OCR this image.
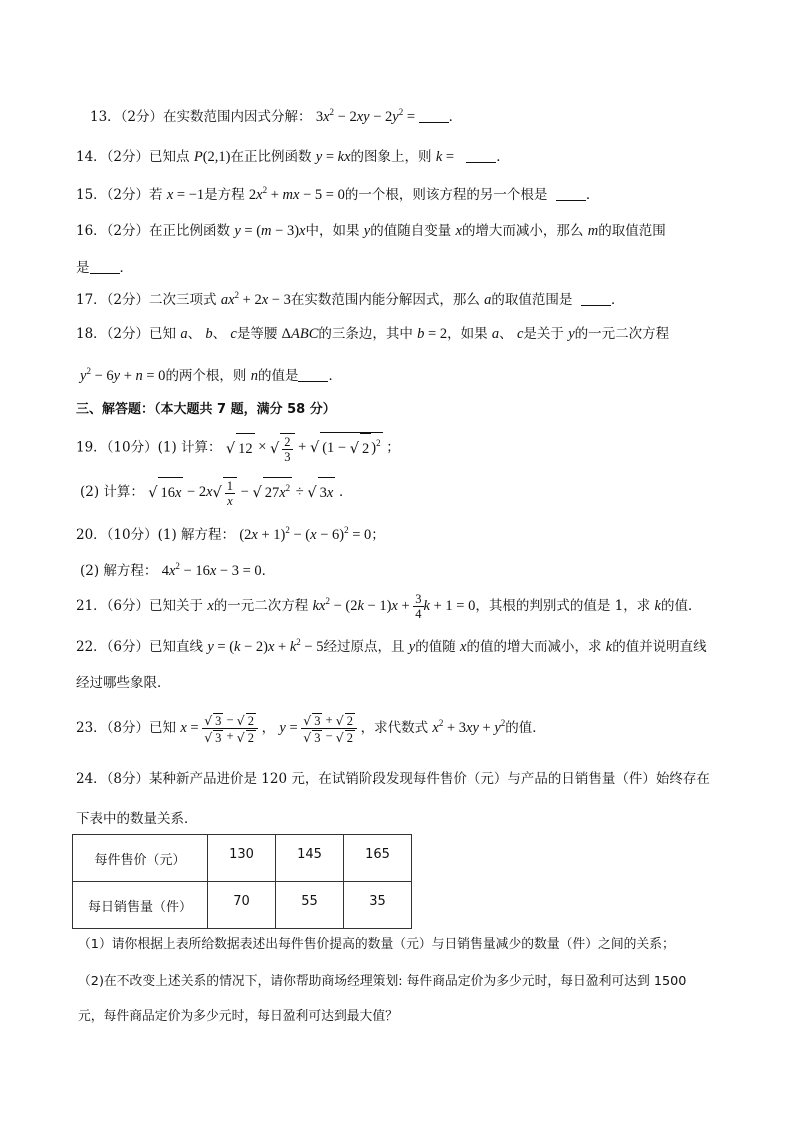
13．（2分）在实数范围内因式分解： $3x^2 - 2xy - 2y^2$ = ．
14．（2分）已知点 P(2,1)在正比例函数 y = kx的图象上，则 k =	．
15．（2分）若 x = −1是方程 $2x^2$ + mx − 5 = 0的一个根，则该方程的另一个根是	．
16．（2分）在正比例函数 y = (m − 3)x中，如果 y的值随自变量 x的增大而减小，那么 m的取值范围
是 ．
17．（2分）二次三项式 $ax^2 + 2x - 3$在实数范围内能分解因式，那么 a的取值范围是	．
18．（2分）已知 a、 b、 c是等腰 ΔABC的三条边，其中 b = 2，如果 a、 c是关于 y的一元二次方程
$y^2 - 6y + n = 0$的两个根，则 n的值是 ．
三、解答题：（本大题共 7 题，满分 58 分）
19．（10分）(1) 计算： √ 12 × √ $\frac{2}{3}$ + √ (1 − √ 2 )$^2$ ；
(2) 计算： √ $16x - 2x√ \frac{1}{x}$ − √ $27x^2$ ÷ √ 3x ．
20．（10分）(1) 解方程： $(2x + 1)^2 - (x - 6)^2 = 0$；
(2) 解方程： $4x^2 - 16x - 3 = 0$．
21．（6分）已知关于 x的一元二次方程 $kx^2 - (2k - 1)x + \frac{3}{4}$ k + 1 = 0，其根的判别式的值是 1，求 k的值．
22．（6分）已知直线 $y = (k - 2)x + k^2 - 5$经过原点，且 y的值随 x的值的增大而减小，求 k的值并说明直线
经过哪些象限．
23．（8分）已知 $x = \frac{√ 3 - √ 2}{√ 3 + √ 2}$ ， $y = \frac{√ 3 + √ 2}{√ 3 - √ 2}$ ，求代数式 $x^2 + 3xy + y^2$的值．
24．（8分）某种新产品进价是 120 元，在试销阶段发现每件售价（元）与产品的日销售量（件）始终存在
下表中的数量关系．
每件售价（元）	130	145	165
每日销售量（件）	70	55	35
（1）请你根据上表所给数据表述出每件售价提高的数量（元）与日销售量减少的数量（件）之间的关系；
（2)在不改变上述关系的情况下，请你帮助商场经理策划: 每件商品定价为多少元时，每日盈利可达到 1500
元，每件商品定价为多少元时，每日盈利可达到最大值？
